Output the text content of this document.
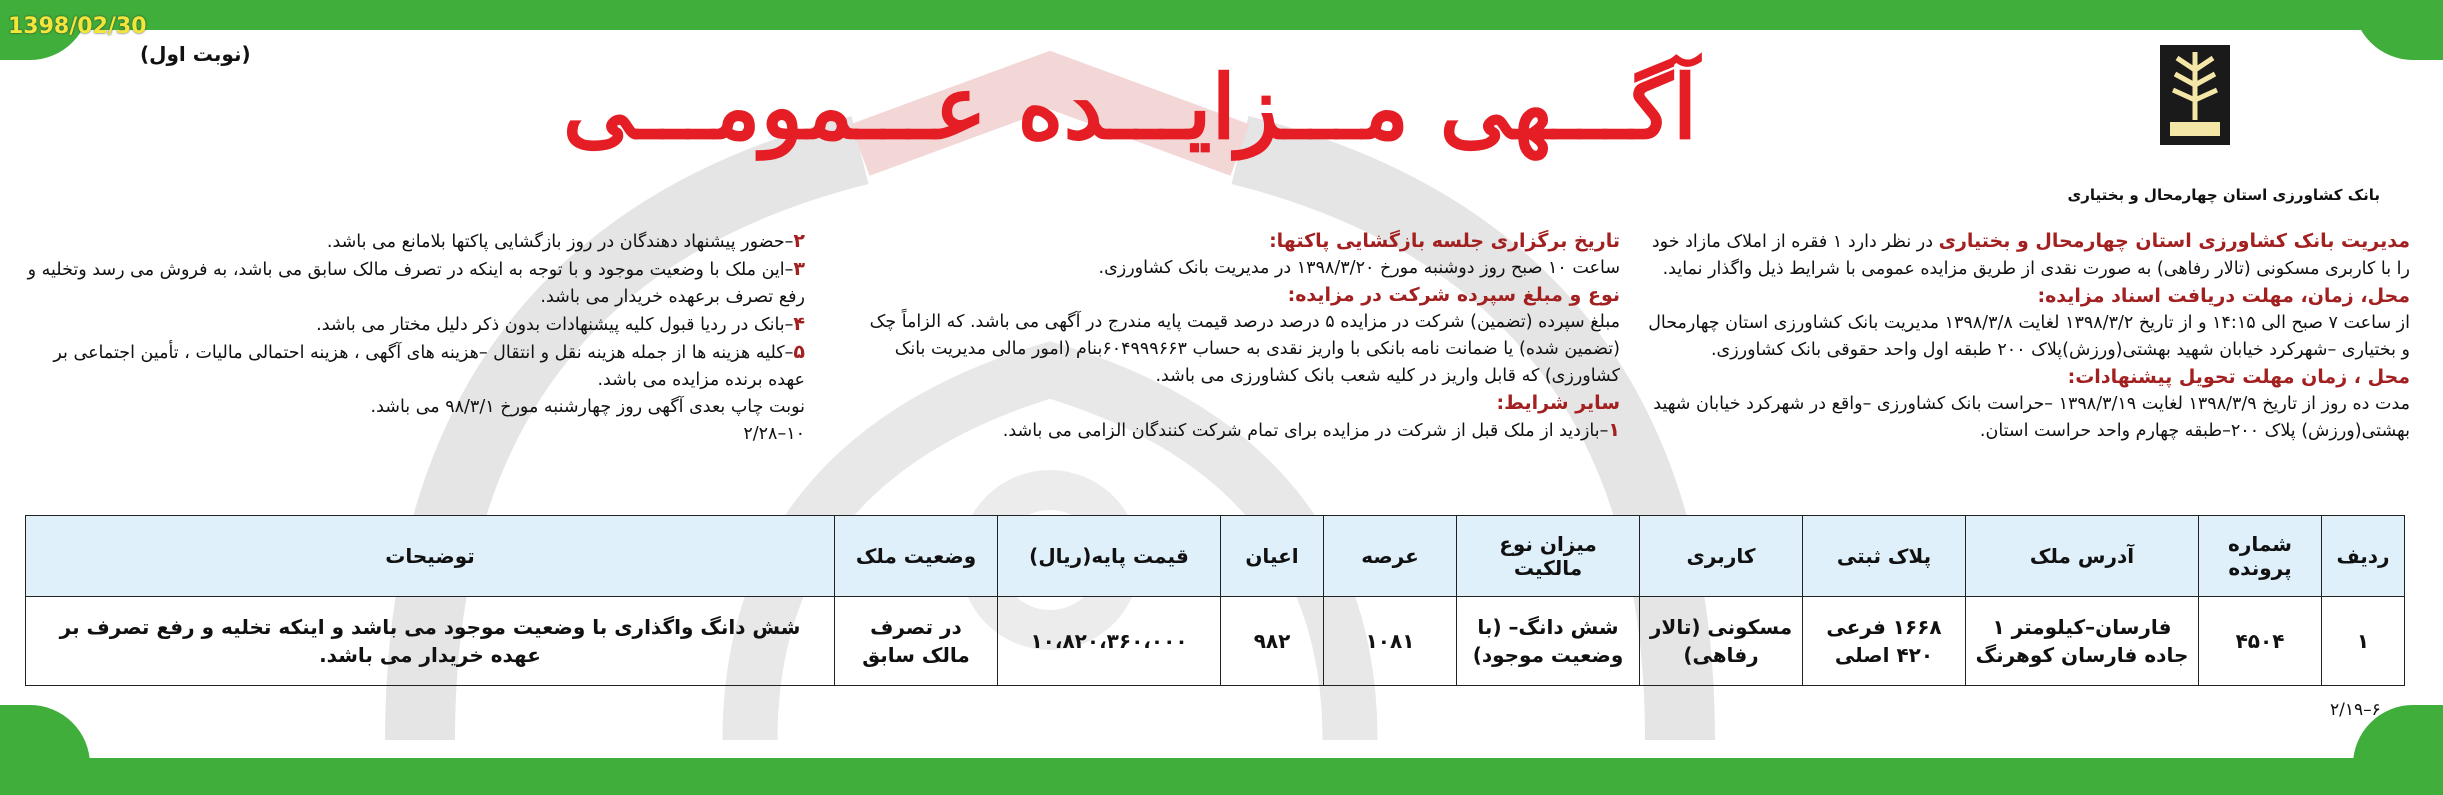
1398/02/30
(نوبت اول)
آگـــهی مـــزایـــده عـــمومـــی
بانک کشاورزی استان چهارمحال و بختیاری

مدیریت بانک کشاورزی استان چهارمحال و بختیاری در نظر دارد ۱ فقره از املاک مازاد خود را با کاربری مسکونی (تالار رفاهی) به صورت نقدی از طریق مزایده عمومی با شرایط ذیل واگذار نماید.

محل، زمان، مهلت دریافت اسناد مزایده:

از ساعت ۷ صبح الی ۱۴:۱۵ و از تاریخ ۱۳۹۸/۳/۲ لغایت ۱۳۹۸/۳/۸ مدیریت بانک کشاورزی استان چهارمحال و بختیاری –شهرکرد خیابان شهید بهشتی(ورزش)پلاک ۲۰۰ طبقه اول واحد حقوقی بانک کشاورزی.

محل ، زمان مهلت تحویل پیشنهادات:

مدت ده روز از تاریخ ۱۳۹۸/۳/۹ لغایت ۱۳۹۸/۳/۱۹ –حراست بانک کشاورزی –واقع در شهرکرد خیابان شهید بهشتی(ورزش) پلاک ۲۰۰–طبقه چهارم واحد حراست استان.

تاریخ برگزاری جلسه بازگشایی پاکتها:

ساعت ۱۰ صبح روز دوشنبه مورخ ۱۳۹۸/۳/۲۰ در مدیریت بانک کشاورزی.

نوع و مبلغ سپرده شرکت در مزایده:

مبلغ سپرده (تضمین) شرکت در مزایده ۵ درصد درصد قیمت پایه مندرج در آگهی می باشد. که الزاماً چک (تضمین شده) یا ضمانت نامه بانکی با واریز نقدی به حساب ۶۰۴۹۹۹۶۶۳بنام (امور مالی مدیریت بانک کشاورزی) که قابل واریز در کلیه شعب بانک کشاورزی می باشد.

سایر شرایط:

۱–بازدید از ملک قبل از شرکت در مزایده برای تمام شرکت کنندگان الزامی می باشد.

۲–حضور پیشنهاد دهندگان در روز بازگشایی پاکتها بلامانع می باشد.

۳–این ملک با وضعیت موجود و با توجه به اینکه در تصرف مالک سابق می باشد، به فروش می رسد وتخلیه و رفع تصرف برعهده خریدار می باشد.

۴–بانک در ردیا قبول کلیه پیشنهادات بدون ذکر دلیل مختار می باشد.

۵–کلیه هزینه ها از جمله هزینه نقل و انتقال –هزینه های آگهی ، هزینه احتمالی مالیات ، تأمین اجتماعی بر عهده برنده مزایده می باشد.

نوبت چاپ بعدی آگهی روز چهارشنبه مورخ ۹۸/۳/۱ می باشد.

۱۰–۲/۲۸

ردیف	شماره پرونده	آدرس ملک	پلاک ثبتی	کاربری	میزان نوع مالکیت	عرصه	اعیان	قیمت پایه(ریال)	وضعیت ملک	توضیحات
۱	۴۵۰۴	فارسان–کیلومتر ۱ جاده فارسان کوهرنگ	۱۶۶۸ فرعی ۴۲۰ اصلی	مسکونی (تالار رفاهی)	شش دانگ– (با وضعیت موجود)	۱۰۸۱	۹۸۲	۱۰،۸۲۰،۳۶۰،۰۰۰	در تصرف مالک سابق	شش دانگ واگذاری با وضعیت موجود می باشد و اینکه تخلیه و رفع تصرف بر عهده خریدار می باشد.
۶–۲/۱۹
